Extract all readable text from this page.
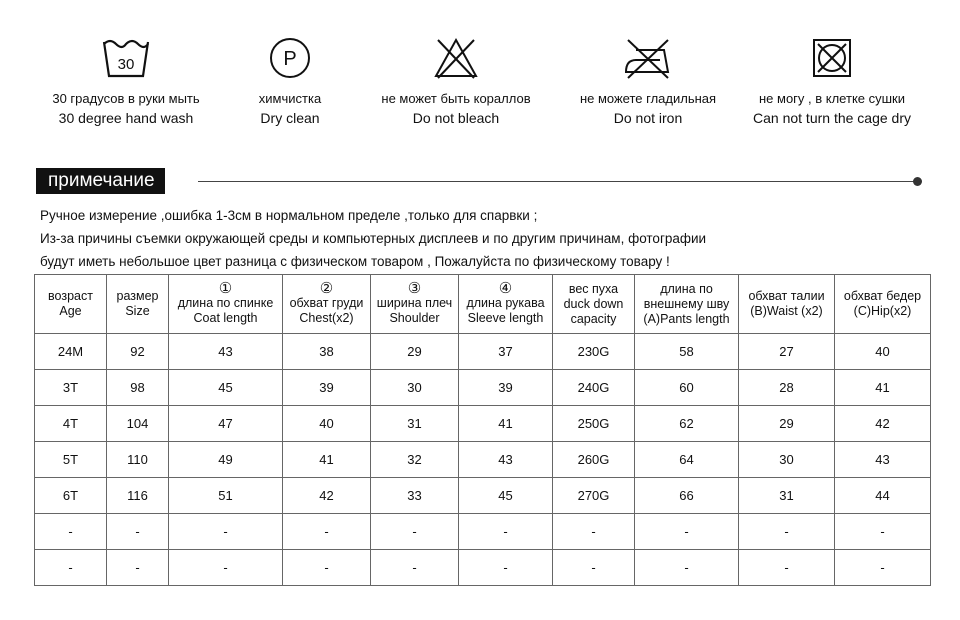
30
30 градусов в руки мыть
30 degree hand wash
P
химчистка
Dry clean
не может быть кораллов
Do not bleach
не можете гладильная
Do not iron
не могу , в клетке сушки
Can not turn the cage dry
примечание
Ручное измерение ,ошибка 1-3см в нормальном пределе ,только для спарвки ;
Из-за причины съемки окружающей среды и компьютерных дисплеев и по другим причинам, фотографии
будут иметь небольшое цвет разница с физическом товаром , Пожалуйста по физическому товару !
возраст
Age	размер
Size	①
длина по спинке
Coat length	②
обхват груди
Chest(x2)	③
ширина плеч
Shoulder	④
длина рукава
Sleeve length	вес пуха
duck down
capacity	длина по
внешнему шву
(A)Pants length	обхват талии
(B)Waist (x2)	обхват бедер
(C)Hip(x2)

24M	92	43	38	29	37	230G	58	27	40
3T	98	45	39	30	39	240G	60	28	41
4T	104	47	40	31	41	250G	62	29	42
5T	110	49	41	32	43	260G	64	30	43
6T	116	51	42	33	45	270G	66	31	44
-	-	-	-	-	-	-	-	-	-
-	-	-	-	-	-	-	-	-	-
